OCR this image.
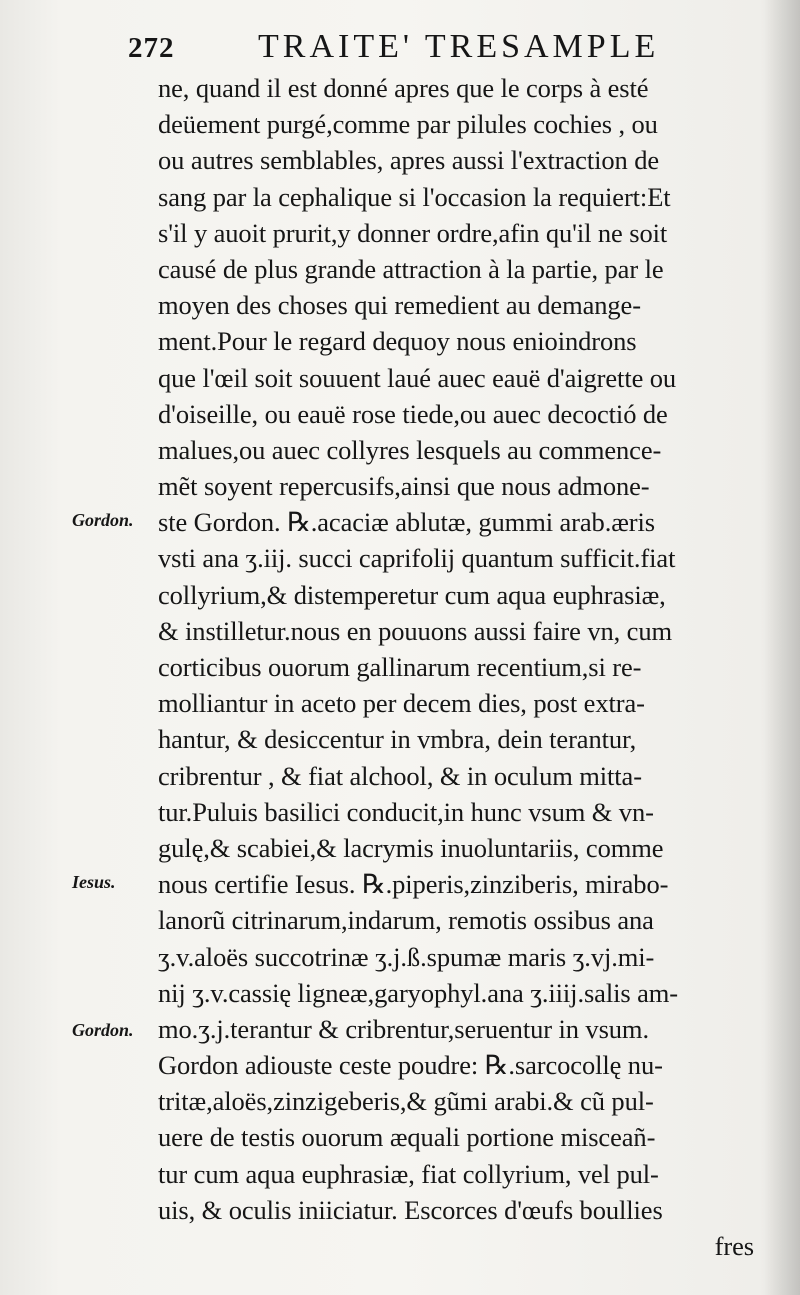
272 TRAITE' TRESAMPLE
Gordon.
Iesus.
Gordon.
ne, quand il est donné apres que le corps à esté
deüement purgé,comme par pilules cochies , ou
ou autres semblables, apres aussi l'extraction de
sang par la cephalique si l'occasion la requiert:Et
s'il y auoit prurit,y donner ordre,afin qu'il ne soit
causé de plus grande attraction à la partie, par le
moyen des choses qui remedient au demange-
ment.Pour le regard dequoy nous enioindrons
que l'œil soit souuent laué auec eauë d'aigrette ou
d'oiseille, ou eauë rose tiede,ou auec decoctió de
malues,ou auec collyres lesquels au commence-
mẽt soyent repercusifs,ainsi que nous admone-
ste Gordon. ℞.acaciæ ablutæ, gummi arab.æris
vsti ana ʒ.iij. succi caprifolij quantum sufficit.fiat
collyrium,& distemperetur cum aqua euphrasiæ,
& instilletur.nous en pouuons aussi faire vn, cum
corticibus ouorum gallinarum recentium,si re-
molliantur in aceto per decem dies, post extra-
hantur, & desiccentur in vmbra, dein terantur,
cribrentur , & fiat alchool, & in oculum mitta-
tur.Puluis basilici conducit,in hunc vsum & vn-
gulę,& scabiei,& lacrymis inuoluntariis, comme
nous certifie Iesus. ℞.piperis,zinziberis, mirabo-
lanorũ citrinarum,indarum, remotis ossibus ana
ʒ.v.aloës succotrinæ ʒ.j.ß.spumæ maris ʒ.vj.mi-
nij ʒ.v.cassię ligneæ,garyophyl.ana ʒ.iiij.salis am-
mo.ʒ.j.terantur & cribrentur,seruentur in vsum.
Gordon adiouste ceste poudre: ℞.sarcocollę nu-
tritæ,aloës,zinzigeberis,& gũmi arabi.& cũ pul-
uere de testis ouorum æquali portione misceañ-
tur cum aqua euphrasiæ, fiat collyrium, vel pul-
uis, & oculis iniiciatur. Escorces d'œufs boullies
fres
